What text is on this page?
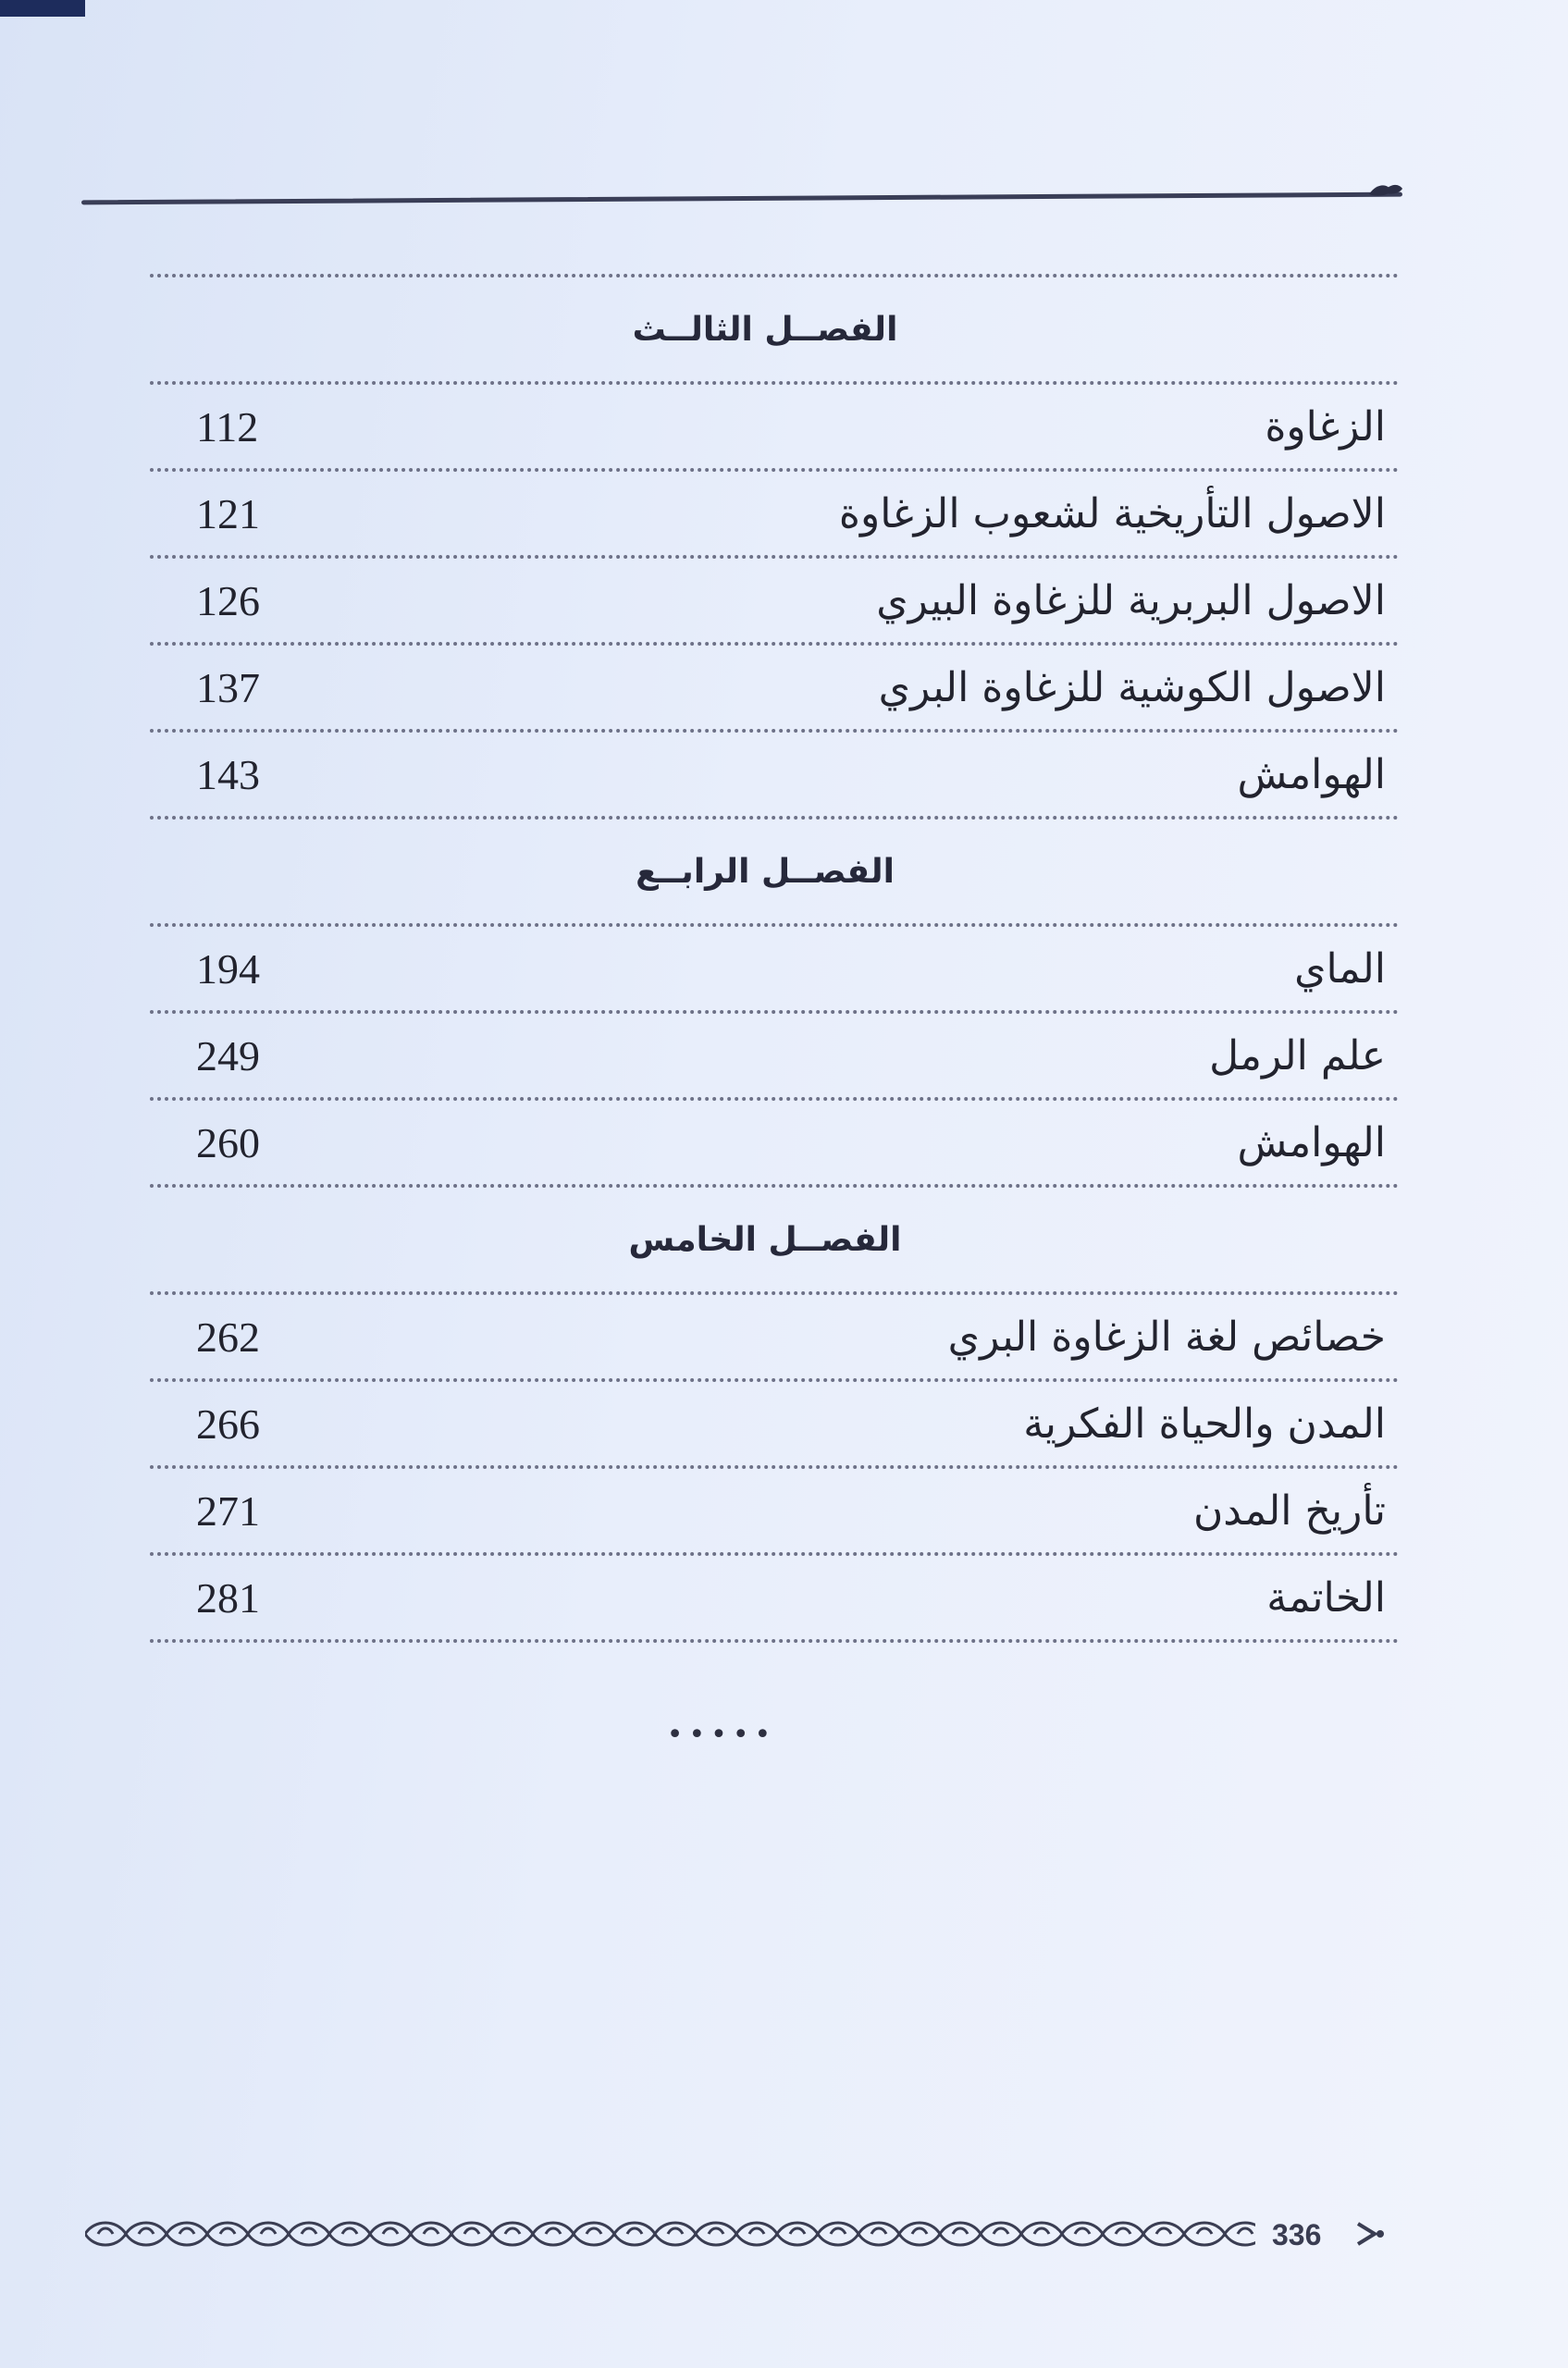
الفصــل الثالــث
الزغاوة
112
الاصول التأريخية لشعوب الزغاوة
121
الاصول البربرية للزغاوة البيري
126
الاصول الكوشية للزغاوة البري
137
الهوامش
143
الفصــل الرابــع
الماي
194
علم الرمل
249
الهوامش
260
الفصــل الخامس
خصائص لغة الزغاوة البري
262
المدن والحياة الفكرية
266
تأريخ المدن
271
الخاتمة
281
•••••
336
